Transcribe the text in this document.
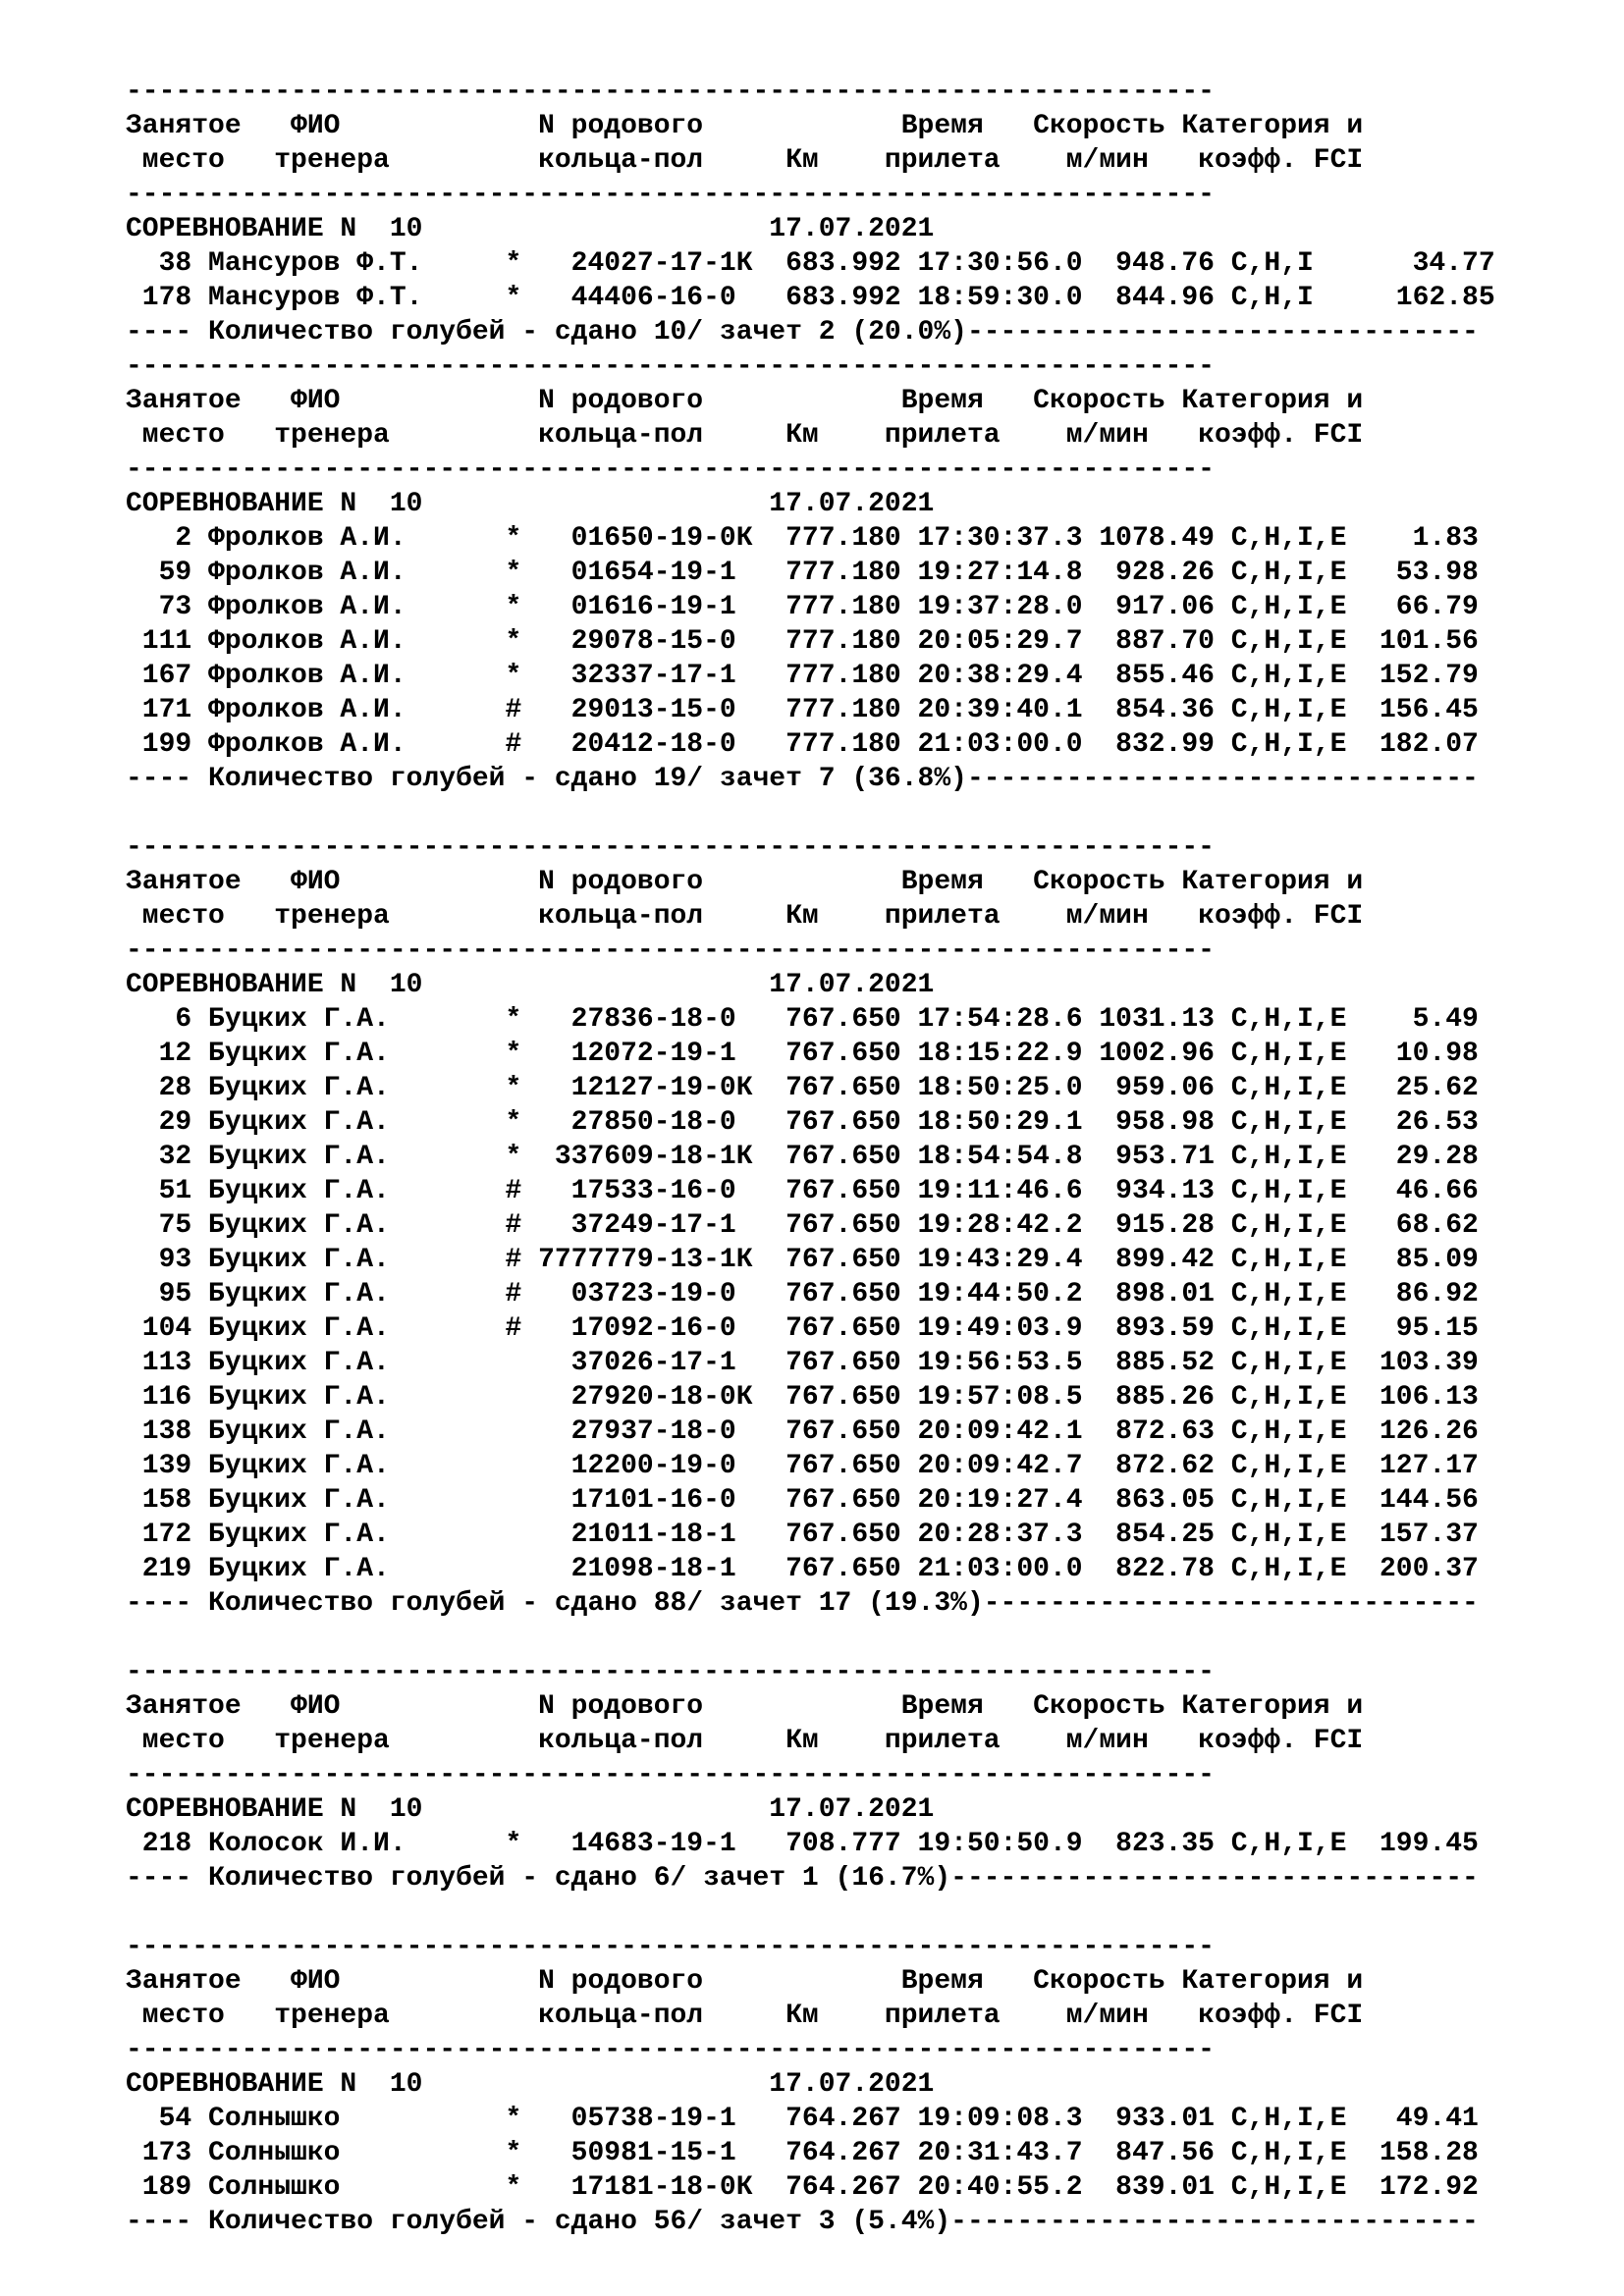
------------------------------------------------------------------
Занятое   ФИО            N родового            Время   Скорость Категория и
место   тренера         кольца-пол     Км    прилета    м/мин   коэфф. FCI
------------------------------------------------------------------
СОРЕВНОВАНИЕ N  10                     17.07.2021
38 Мансуров Ф.Т.     *   24027-17-1К  683.992 17:30:56.0  948.76 С,Н,I      34.77
178 Мансуров Ф.Т.     *   44406-16-0   683.992 18:59:30.0  844.96 С,Н,I     162.85
---- Количество голубей - сдано 10/ зачет 2 (20.0%)-------------------------------
------------------------------------------------------------------
Занятое   ФИО            N родового            Время   Скорость Категория и
место   тренера         кольца-пол     Км    прилета    м/мин   коэфф. FCI
------------------------------------------------------------------
СОРЕВНОВАНИЕ N  10                     17.07.2021
2 Фролков А.И.      *   01650-19-0К  777.180 17:30:37.3 1078.49 С,Н,I,Е    1.83
59 Фролков А.И.      *   01654-19-1   777.180 19:27:14.8  928.26 С,Н,I,Е   53.98
73 Фролков А.И.      *   01616-19-1   777.180 19:37:28.0  917.06 С,Н,I,Е   66.79
111 Фролков А.И.      *   29078-15-0   777.180 20:05:29.7  887.70 С,Н,I,Е  101.56
167 Фролков А.И.      *   32337-17-1   777.180 20:38:29.4  855.46 С,Н,I,Е  152.79
171 Фролков А.И.      #   29013-15-0   777.180 20:39:40.1  854.36 С,Н,I,Е  156.45
199 Фролков А.И.      #   20412-18-0   777.180 21:03:00.0  832.99 С,Н,I,Е  182.07
---- Количество голубей - сдано 19/ зачет 7 (36.8%)-------------------------------
------------------------------------------------------------------
Занятое   ФИО            N родового            Время   Скорость Категория и
место   тренера         кольца-пол     Км    прилета    м/мин   коэфф. FCI
------------------------------------------------------------------
СОРЕВНОВАНИЕ N  10                     17.07.2021
6 Буцких Г.А.       *   27836-18-0   767.650 17:54:28.6 1031.13 С,Н,I,Е    5.49
12 Буцких Г.А.       *   12072-19-1   767.650 18:15:22.9 1002.96 С,Н,I,Е   10.98
28 Буцких Г.А.       *   12127-19-0К  767.650 18:50:25.0  959.06 С,Н,I,Е   25.62
29 Буцких Г.А.       *   27850-18-0   767.650 18:50:29.1  958.98 С,Н,I,Е   26.53
32 Буцких Г.А.       *  337609-18-1К  767.650 18:54:54.8  953.71 С,Н,I,Е   29.28
51 Буцких Г.А.       #   17533-16-0   767.650 19:11:46.6  934.13 С,Н,I,Е   46.66
75 Буцких Г.А.       #   37249-17-1   767.650 19:28:42.2  915.28 С,Н,I,Е   68.62
93 Буцких Г.А.       # 7777779-13-1К  767.650 19:43:29.4  899.42 С,Н,I,Е   85.09
95 Буцких Г.А.       #   03723-19-0   767.650 19:44:50.2  898.01 С,Н,I,Е   86.92
104 Буцких Г.А.       #   17092-16-0   767.650 19:49:03.9  893.59 С,Н,I,Е   95.15
113 Буцких Г.А.           37026-17-1   767.650 19:56:53.5  885.52 С,Н,I,Е  103.39
116 Буцких Г.А.           27920-18-0К  767.650 19:57:08.5  885.26 С,Н,I,Е  106.13
138 Буцких Г.А.           27937-18-0   767.650 20:09:42.1  872.63 С,Н,I,Е  126.26
139 Буцких Г.А.           12200-19-0   767.650 20:09:42.7  872.62 С,Н,I,Е  127.17
158 Буцких Г.А.           17101-16-0   767.650 20:19:27.4  863.05 С,Н,I,Е  144.56
172 Буцких Г.А.           21011-18-1   767.650 20:28:37.3  854.25 С,Н,I,Е  157.37
219 Буцких Г.А.           21098-18-1   767.650 21:03:00.0  822.78 С,Н,I,Е  200.37
---- Количество голубей - сдано 88/ зачет 17 (19.3%)------------------------------
------------------------------------------------------------------
Занятое   ФИО            N родового            Время   Скорость Категория и
место   тренера         кольца-пол     Км    прилета    м/мин   коэфф. FCI
------------------------------------------------------------------
СОРЕВНОВАНИЕ N  10                     17.07.2021
218 Колосок И.И.      *   14683-19-1   708.777 19:50:50.9  823.35 С,Н,I,Е  199.45
---- Количество голубей - сдано 6/ зачет 1 (16.7%)--------------------------------
------------------------------------------------------------------
Занятое   ФИО            N родового            Время   Скорость Категория и
место   тренера         кольца-пол     Км    прилета    м/мин   коэфф. FCI
------------------------------------------------------------------
СОРЕВНОВАНИЕ N  10                     17.07.2021
54 Солнышко          *   05738-19-1   764.267 19:09:08.3  933.01 С,Н,I,Е   49.41
173 Солнышко          *   50981-15-1   764.267 20:31:43.7  847.56 С,Н,I,Е  158.28
189 Солнышко          *   17181-18-0К  764.267 20:40:55.2  839.01 С,Н,I,Е  172.92
---- Количество голубей - сдано 56/ зачет 3 (5.4%)--------------------------------
